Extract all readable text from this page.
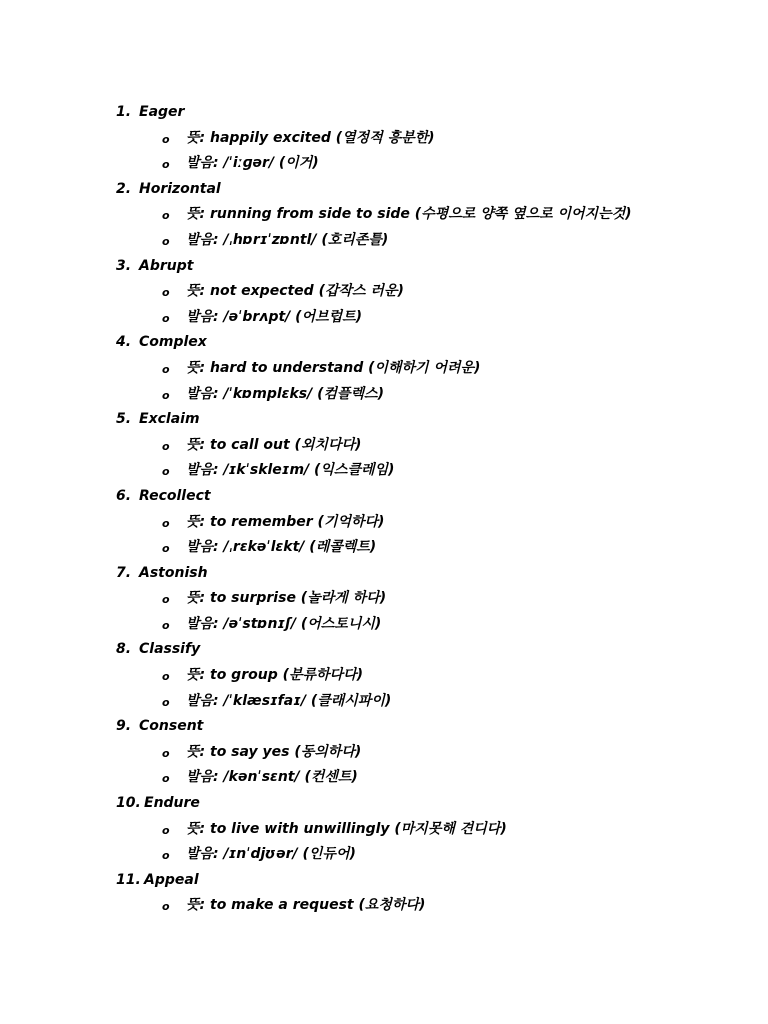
1. Eager
o 뜻: happily excited (열정적 흥분한)
o 발음: /ˈiːɡər/ (이거)
2. Horizontal
o 뜻: running from side to side (수평으로 양쪽 옆으로 이어지는것)
o 발음: /ˌhɒrɪˈzɒntl/ (호리존틀)
3. Abrupt
o 뜻: not expected (갑작스 러운)
o 발음: /əˈbrʌpt/ (어브럽트)
4. Complex
o 뜻: hard to understand (이해하기 어려운)
o 발음: /ˈkɒmplɛks/ (컴플렉스)
5. Exclaim
o 뜻: to call out (외치다다)
o 발음: /ɪkˈskleɪm/ (익스클레임)
6. Recollect
o 뜻: to remember (기억하다)
o 발음: /ˌrɛkəˈlɛkt/ (레콜렉트)
7. Astonish
o 뜻: to surprise (놀라게 하다)
o 발음: /əˈstɒnɪʃ/ (어스토니시)
8. Classify
o 뜻: to group (분류하다다)
o 발음: /ˈklæsɪfaɪ/ (클래시파이)
9. Consent
o 뜻: to say yes (동의하다)
o 발음: /kənˈsɛnt/ (컨센트)
10. Endure
o 뜻: to live with unwillingly (마지못해 견디다)
o 발음: /ɪnˈdjʊər/ (인듀어)
11. Appeal
o 뜻: to make a request (요청하다)
